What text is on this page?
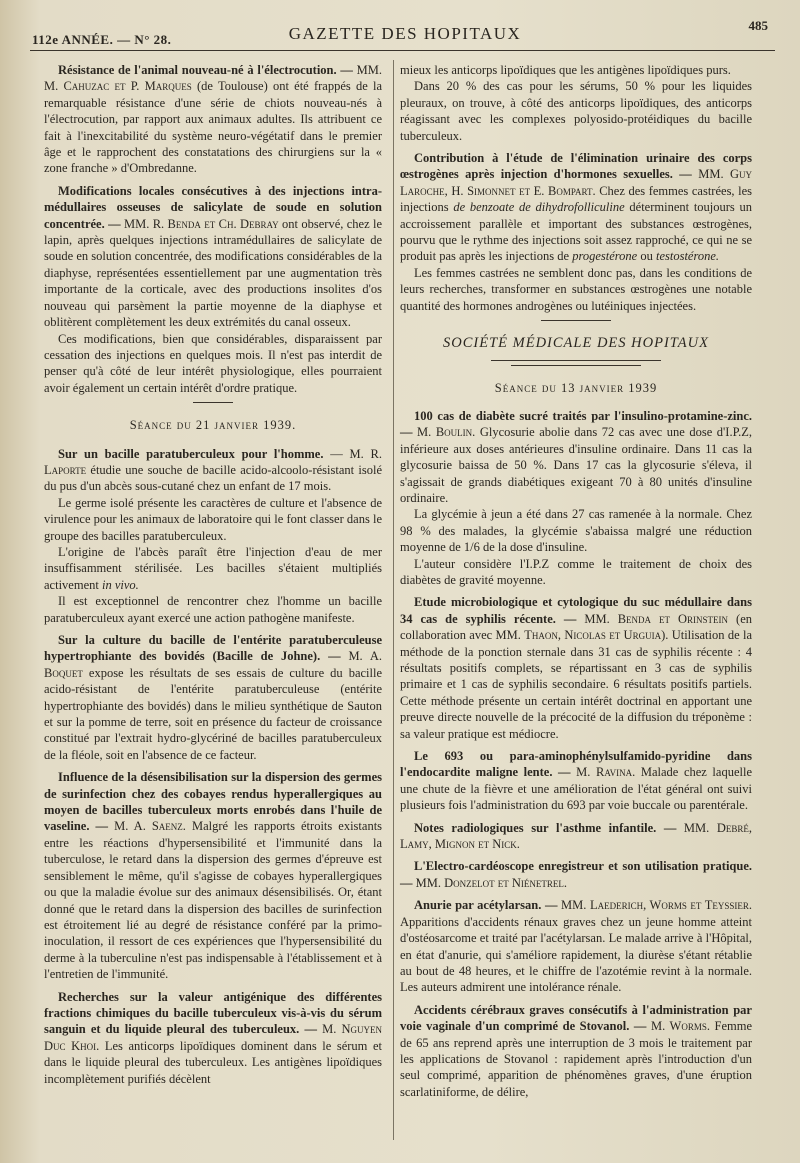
112e ANNÉE. — N° 28.	GAZETTE DES HOPITAUX	485

Résistance de l'animal nouveau-né à l'électrocution. — MM. M. Cahuzac et P. Marques (de Toulouse) ont été frappés de la remarquable résistance d'une série de chiots nouveau-nés à l'électrocution, par rapport aux animaux adultes. Ils attribuent ce fait à l'inexcitabilité du système neuro-végétatif dans le premier âge et le rapprochent des constatations des chirurgiens sur la « zone franche » d'Ombredanne.

Modifications locales consécutives à des injections intra-médullaires osseuses de salicylate de soude en solution concentrée. — MM. R. Benda et Ch. Debray ont observé, chez le lapin, après quelques injections intramédullaires de salicylate de soude en solution concentrée, des modifications considérables de la diaphyse, représentées essentiellement par une augmentation très importante de la corticale, avec des productions insolites d'os nouveau qui parsèment la partie moyenne de la diaphyse et oblitèrent complètement les deux extrémités du canal osseux.

Ces modifications, bien que considérables, disparaissent par cessation des injections en quelques mois. Il n'est pas interdit de penser qu'à côté de leur intérêt physiologique, elles pourraient avoir également un certain intérêt d'ordre pratique.

Séance du 21 janvier 1939.

Sur un bacille paratuberculeux pour l'homme. — M. R. Laporte étudie une souche de bacille acido-alcoolo-résistant isolé du pus d'un abcès sous-cutané chez un enfant de 17 mois.

Le germe isolé présente les caractères de culture et l'absence de virulence pour les animaux de laboratoire qui le font classer dans le groupe des bacilles paratuberculeux.

L'origine de l'abcès paraît être l'injection d'eau de mer insuffisamment stérilisée. Les bacilles s'étaient multipliés activement in vivo.

Il est exceptionnel de rencontrer chez l'homme un bacille paratuberculeux ayant exercé une action pathogène manifeste.

Sur la culture du bacille de l'entérite paratuberculeuse hypertrophiante des bovidés (Bacille de Johne). — M. A. Boquet expose les résultats de ses essais de culture du bacille acido-résistant de l'entérite paratuberculeuse (entérite hypertrophiante des bovidés) dans le milieu synthétique de Sauton et sur la pomme de terre, soit en présence du facteur de croissance constitué par l'extrait hydro-glycériné de bacilles paratuberculeux de la fléole, soit en l'absence de ce facteur.

Influence de la désensibilisation sur la dispersion des germes de surinfection chez des cobayes rendus hyperallergiques au moyen de bacilles tuberculeux morts enrobés dans l'huile de vaseline. — M. A. Saenz. Malgré les rapports étroits existants entre les réactions d'hypersensibilité et l'immunité dans la tuberculose, le retard dans la dispersion des germes d'épreuve est sensiblement le même, qu'il s'agisse de cobayes hyperallergiques ou que la maladie évolue sur des animaux désensibilisés. Or, étant donné que le retard dans la dispersion des bacilles de surinfection est étroitement lié au degré de résistance conféré par la primo-inoculation, il ressort de ces expériences que l'hypersensibilité du derme à la tuberculine n'est pas indispensable à l'établissement et à l'entretien de l'immunité.

Recherches sur la valeur antigénique des différentes fractions chimiques du bacille tuberculeux vis-à-vis du sérum sanguin et du liquide pleural des tuberculeux. — M. Nguyen Duc Khoi. Les anticorps lipoïdiques dominent dans le sérum et dans le liquide pleural des tuberculeux. Les antigènes lipoïdiques incomplètement purifiés décèlent

mieux les anticorps lipoïdiques que les antigènes lipoïdiques purs.

Dans 20 % des cas pour les sérums, 50 % pour les liquides pleuraux, on trouve, à côté des anticorps lipoïdiques, des anticorps réagissant avec les complexes polyosido-protéidiques du bacille tuberculeux.

Contribution à l'étude de l'élimination urinaire des corps œstrogènes après injection d'hormones sexuelles. — MM. Guy Laroche, H. Simonnet et E. Bompart. Chez des femmes castrées, les injections de benzoate de dihydrofolliculine déterminent toujours un accroissement parallèle et important des substances œstrogènes, pourvu que le rythme des injections soit assez rapproché, ce qui ne se produit pas après les injections de progestérone ou testostérone.

Les femmes castrées ne semblent donc pas, dans les conditions de leurs recherches, transformer en substances œstrogènes une notable quantité des hormones androgènes ou lutéiniques injectées.

SOCIÉTÉ MÉDICALE DES HOPITAUX
Séance du 13 janvier 1939

100 cas de diabète sucré traités par l'insulino-protamine-zinc. — M. Boulin. Glycosurie abolie dans 72 cas avec une dose d'I.P.Z, inférieure aux doses antérieures d'insuline ordinaire. Dans 11 cas la glycosurie baissa de 50 %. Dans 17 cas la glycosurie s'éleva, il s'agissait de grands diabétiques exigeant 70 à 80 unités d'insuline ordinaire.

La glycémie à jeun a été dans 27 cas ramenée à la normale. Chez 98 % des malades, la glycémie s'abaissa malgré une réduction moyenne de 1/6 de la dose d'insuline.

L'auteur considère l'I.P.Z comme le traitement de choix des diabètes de gravité moyenne.

Etude microbiologique et cytologique du suc médullaire dans 34 cas de syphilis récente. — MM. Benda et Orinstein (en collaboration avec MM. Thaon, Nicolas et Urguia). Utilisation de la méthode de la ponction sternale dans 31 cas de syphilis récente : 4 résultats positifs complets, se répartissant en 3 cas de syphilis primaire et 1 cas de syphilis secondaire. 6 résultats positifs partiels. Cette méthode présente un certain intérêt doctrinal en apportant une preuve directe nouvelle de la précocité de la diffusion du tréponème : sa valeur pratique est médiocre.

Le 693 ou para-aminophénylsulfamido-pyridine dans l'endocardite maligne lente. — M. Ravina. Malade chez laquelle une chute de la fièvre et une amélioration de l'état général ont suivi plusieurs fois l'administration du 693 par voie buccale ou parentérale.

Notes radiologiques sur l'asthme infantile. — MM. Debré, Lamy, Mignon et Nick.

L'Electro-cardéoscope enregistreur et son utilisation pratique. — MM. Donzelot et Niénetrel.

Anurie par acétylarsan. — MM. Laederich, Worms et Teyssier. Apparitions d'accidents rénaux graves chez un jeune homme atteint d'ostéosarcome et traité par l'acétylarsan. Le malade arrive à l'Hôpital, en état d'anurie, qui s'améliore rapidement, la diurèse s'étant rétablie au bout de 48 heures, et le chiffre de l'azotémie revint à la normale. Les auteurs admirent une intolérance rénale.

Accidents cérébraux graves consécutifs à l'administration par voie vaginale d'un comprimé de Stovanol. — M. Worms. Femme de 65 ans reprend après une interruption de 3 mois le traitement par les applications de Stovanol : rapidement après l'introduction d'un seul comprimé, apparition de phénomènes graves, d'une éruption scarlatiniforme, de délire,
